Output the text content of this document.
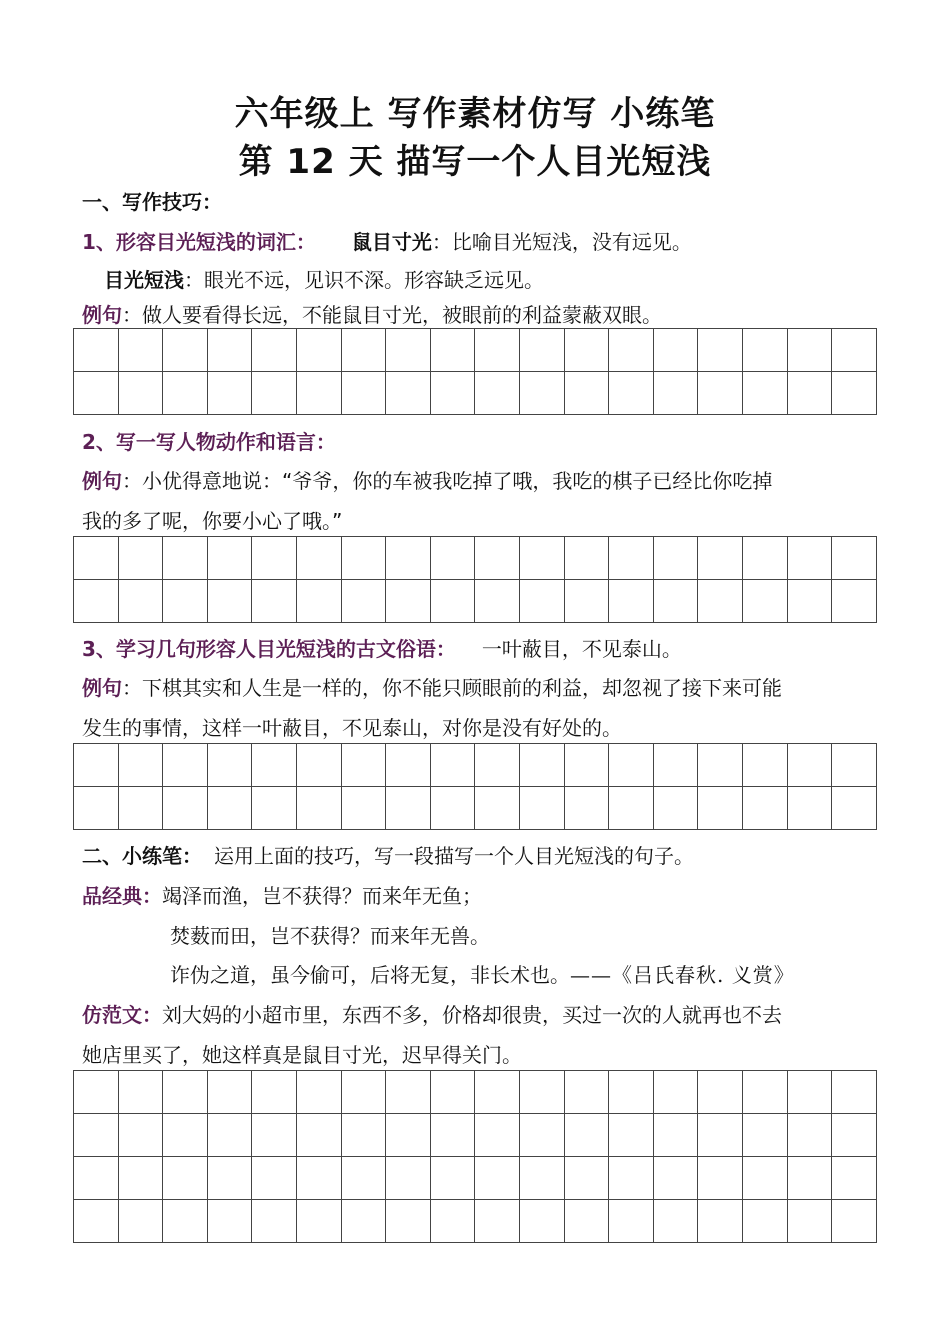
六年级上 写作素材仿写 小练笔
第 12 天 描写一个人目光短浅
一、写作技巧：
1、形容目光短浅的词汇： 鼠目寸光：比喻目光短浅，没有远见。
目光短浅：眼光不远，见识不深。形容缺乏远见。
例句：做人要看得长远，不能鼠目寸光，被眼前的利益蒙蔽双眼。

2、写一写人物动作和语言：
例句：小优得意地说：“爷爷，你的车被我吃掉了哦，我吃的棋子已经比你吃掉
我的多了呢，你要小心了哦。”

3、学习几句形容人目光短浅的古文俗语： 一叶蔽目，不见泰山。
例句：下棋其实和人生是一样的，你不能只顾眼前的利益，却忽视了接下来可能
发生的事情，这样一叶蔽目，不见泰山，对你是没有好处的。

二、小练笔： 运用上面的技巧，写一段描写一个人目光短浅的句子。
品经典：竭泽而渔，岂不获得？而来年无鱼；
焚薮而田，岂不获得？而来年无兽。
诈伪之道，虽今偷可，后将无复，非长术也。——《吕氏春秋. 义赏》
仿范文：刘大妈的小超市里，东西不多，价格却很贵，买过一次的人就再也不去
她店里买了，她这样真是鼠目寸光，迟早得关门。
